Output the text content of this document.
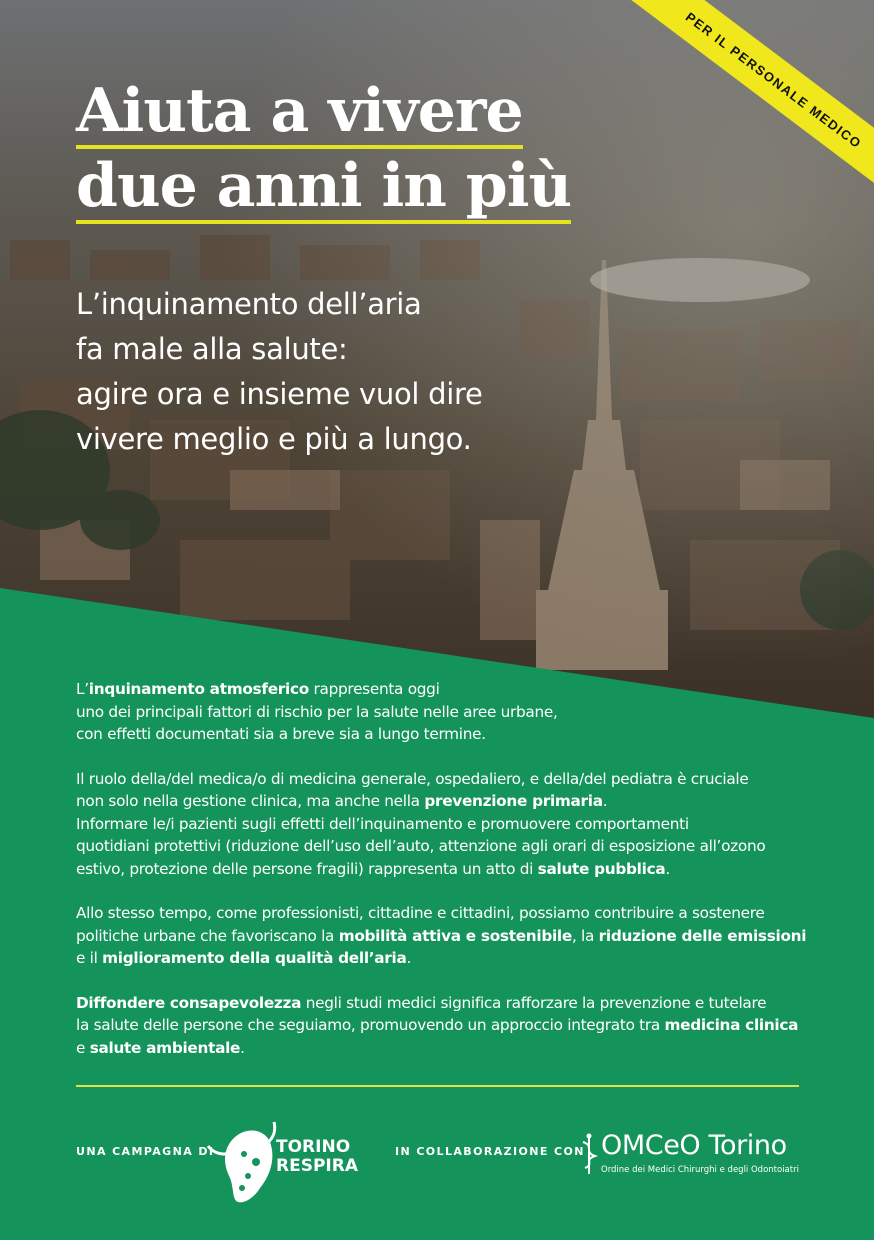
PER IL PERSONALE MEDICO
Aiuta a vivere
due anni in più

L’inquinamento dell’aria
fa male alla salute:
agire ora e insieme vuol dire
vivere meglio e più a lungo.

L’inquinamento atmosferico rappresenta oggi
uno dei principali fattori di rischio per la salute nelle aree urbane,
con effetti documentati sia a breve sia a lungo termine.

Il ruolo della/del medica/o di medicina generale, ospedaliero, e della/del pediatra è cruciale
non solo nella gestione clinica, ma anche nella prevenzione primaria.
Informare le/i pazienti sugli effetti dell’inquinamento e promuovere comportamenti
quotidiani protettivi (riduzione dell’uso dell’auto, attenzione agli orari di esposizione all’ozono
estivo, protezione delle persone fragili) rappresenta un atto di salute pubblica.

Allo stesso tempo, come professionisti, cittadine e cittadini, possiamo contribuire a sostenere
politiche urbane che favoriscano la mobilità attiva e sostenibile, la riduzione delle emissioni
e il miglioramento della qualità dell’aria.

Diffondere consapevolezza negli studi medici significa rafforzare la prevenzione e tutelare
la salute delle persone che seguiamo, promuovendo un approccio integrato tra medicina clinica
e salute ambientale.

UNA CAMPAGNA DI	TORINO
RESPIRA
IN COLLABORAZIONE CON OMCeO Torino
Ordine dei Medici Chirurghi e degli Odontoiatri
